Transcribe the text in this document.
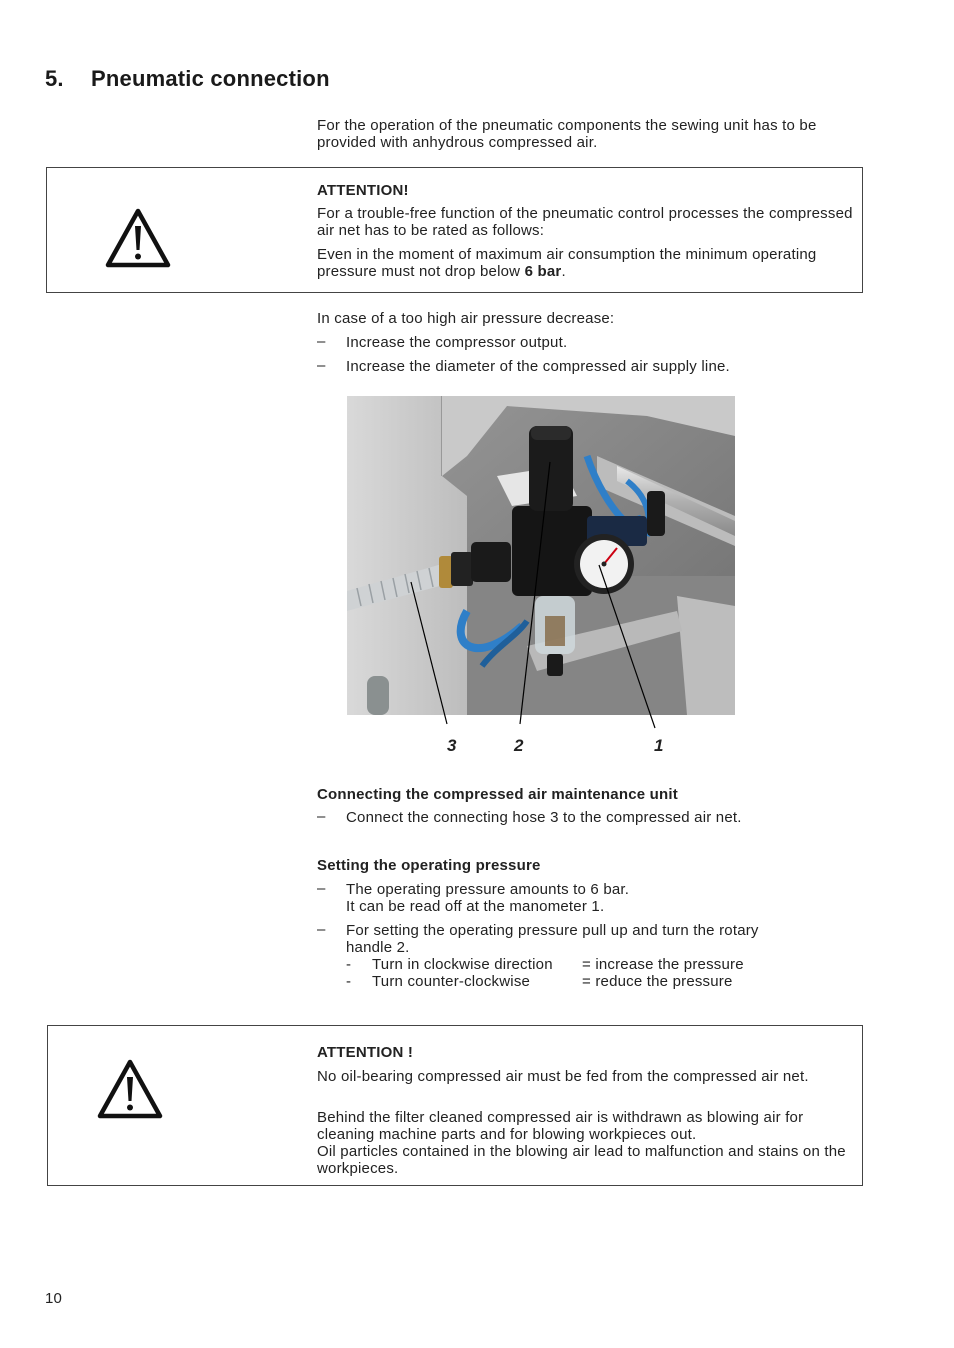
5. Pneumatic connection
For the operation of the pneumatic components the sewing unit has to be provided with anhydrous compressed air.
ATTENTION!
For a trouble-free function of the pneumatic control processes the compressed air net has to be rated as follows:
Even in the moment of maximum air consumption the minimum operating pressure must not drop below 6 bar.
In case of a too high air pressure decrease:
– Increase the compressor output.
– Increase the diameter of the compressed air supply line.
3	2	1
Connecting the compressed air maintenance unit
– Connect the connecting hose 3 to the compressed air net.
Setting the operating pressure
– The operating pressure amounts to 6 bar.
It can be read off at the manometer 1.
– For setting the operating pressure pull up and turn the rotary
handle 2.
- Turn in clockwise direction = increase the pressure
- Turn counter-clockwise	= reduce the pressure
ATTENTION !
No oil-bearing compressed air must be fed from the compressed air net.
Behind the filter cleaned compressed air is withdrawn as blowing air for cleaning machine parts and for blowing workpieces out.
Oil particles contained in the blowing air lead to malfunction and stains on the workpieces.
10
